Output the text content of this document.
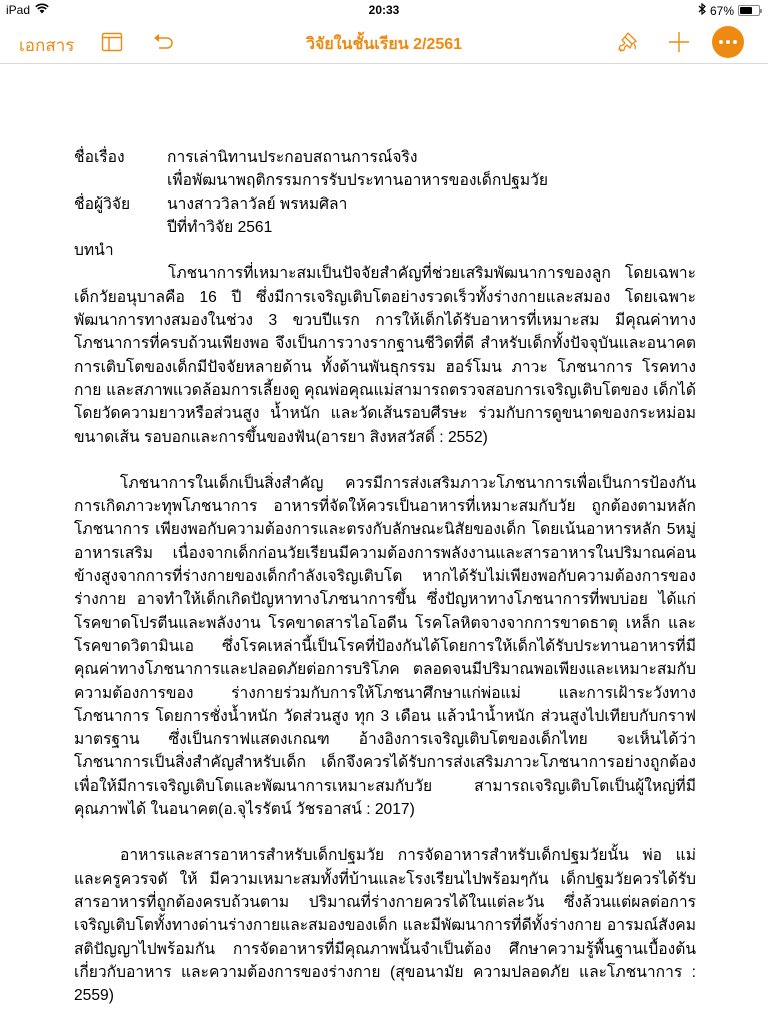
iPad	20:33	67%
เอกสาร	วิจัยในชั้นเรียน 2/2561
ชื่อเรื่อง	การเล่านิทานประกอบสถานการณ์จริง
เพื่อพัฒนาพฤติกรรมการรับประทานอาหารของเด็กปฐมวัย
ชื่อผู้วิจัย	นางสาววิลาวัลย์ พรหมศิลา
ปีที่ทำวิจัย 2561
บทนำ

โภชนาการที่เหมาะสมเป็นปัจจัยสำคัญที่ช่วยเสริมพัฒนาการของลูก โดยเฉพาะเด็กวัยอนุบาลคือ 16 ปี ซึ่งมีการเจริญเติบโตอย่างรวดเร็วทั้งร่างกายและสมอง โดยเฉพาะพัฒนาการทางสมองในช่วง 3 ขวบปีแรก การให้เด็กได้รับอาหารที่เหมาะสม มีคุณค่าทางโภชนาการที่ครบถ้วนเพียงพอ จึงเป็นการวางรากฐานชีวิตที่ดี สำหรับเด็กทั้งปัจจุบันและอนาคต การเติบโตของเด็กมีปัจจัยหลายด้าน ทั้งด้านพันธุกรรม ฮอร์โมน ภาวะ โภชนาการ โรคทางกาย และสภาพแวดล้อมการเลี้ยงดู คุณพ่อคุณแม่สามารถตรวจสอบการเจริญเติบโตของ เด็กได้โดยวัดความยาวหรือส่วนสูง น้ำหนัก และวัดเส้นรอบศีรษะ ร่วมกับการดูขนาดของกระหม่อม ขนาดเส้น รอบอกและการขึ้นของฟัน(อารยา สิงหสวัสดิ์ : 2552)

โภชนาการในเด็กเป็นสิ่งสำคัญ ควรมีการส่งเสริมภาวะโภชนาการเพื่อเป็นการป้องกันการเกิดภาวะทุพโภชนาการ อาหารที่จัดให้ควรเป็นอาหารที่เหมาะสมกับวัย ถูกต้องตามหลักโภชนาการ เพียงพอกับความต้องการและตรงกับลักษณะนิสัยของเด็ก โดยเน้นอาหารหลัก 5หมู่ อาหารเสริม เนื่องจากเด็กก่อนวัยเรียนมีความต้องการพลังงานและสารอาหารในปริมาณค่อนข้างสูงจากการที่ร่างกายของเด็กกำลังเจริญเติบโต หากได้รับไม่เพียงพอกับความต้องการของร่างกาย อาจทำให้เด็กเกิดปัญหาทางโภชนาการขึ้น ซึ่งปัญหาทางโภชนาการที่พบบ่อย ได้แก่ โรคขาดโปรตีนและพลังงาน โรคขาดสารไอโอดีน โรคโลหิตจางจากการขาดธาตุ เหล็ก และโรคขาดวิตามินเอ ซึ่งโรคเหล่านี้เป็นโรคที่ป้องกันได้โดยการให้เด็กได้รับประทานอาหารที่มีคุณค่าทางโภชนาการและปลอดภัยต่อการบริโภค ตลอดจนมีปริมาณพอเพียงและเหมาะสมกับความต้องการของ ร่างกายร่วมกับการให้โภชนาศึกษาแก่พ่อแม่ และการเฝ้าระวังทางโภชนาการ โดยการชั่งน้ำหนัก วัดส่วนสูง ทุก 3 เดือน แล้วนำน้ำหนัก ส่วนสูงไปเทียบกับกราฟมาตรฐาน ซึ่งเป็นกราฟแสดงเกณฑ อ้างอิงการเจริญเติบโตของเด็กไทย จะเห็นได้ว่าโภชนาการเป็นสิ่งสำคัญสำหรับเด็ก เด็กจึงควรได้รับการส่งเสริมภาวะโภชนาการอย่างถูกต้อง เพื่อให้มีการเจริญเติบโตและพัฒนาการเหมาะสมกับวัย สามารถเจริญเติบโตเป็นผู้ใหญ่ที่มีคุณภาพได้ ในอนาคต(อ.จุไรรัตน์ วัชรอาสน์ : 2017)

อาหารและสารอาหารสำหรับเด็กปฐมวัย การจัดอาหารสำหรับเด็กปฐมวัยนั้น พ่อ แม่และครูควรจดั ให้ มีความเหมาะสมทั้งที่บ้านและโรงเรียนไปพร้อมๆกัน เด็กปฐมวัยควรได้รับสารอาหารที่ถูกต้องครบถ้วนตาม ปริมาณที่ร่างกายควรได้ในแต่ละวัน ซึ่งล้วนแต่ผลต่อการเจริญเติบโตทั้งทางด่านร่างกายและสมองของเด็ก และมีพัฒนาการที่ดีทั้งร่างกาย อารมณ์สังคมสติปัญญาไปพร้อมกัน การจัดอาหารที่มีคุณภาพนั้นจำเป็นต้อง ศึกษาความรู้พื้นฐานเบื้องต้นเกี่ยวกับอาหาร และความต้องการของร่างกาย (สุขอนามัย ความปลอดภัย และโภชนาการ : 2559)
